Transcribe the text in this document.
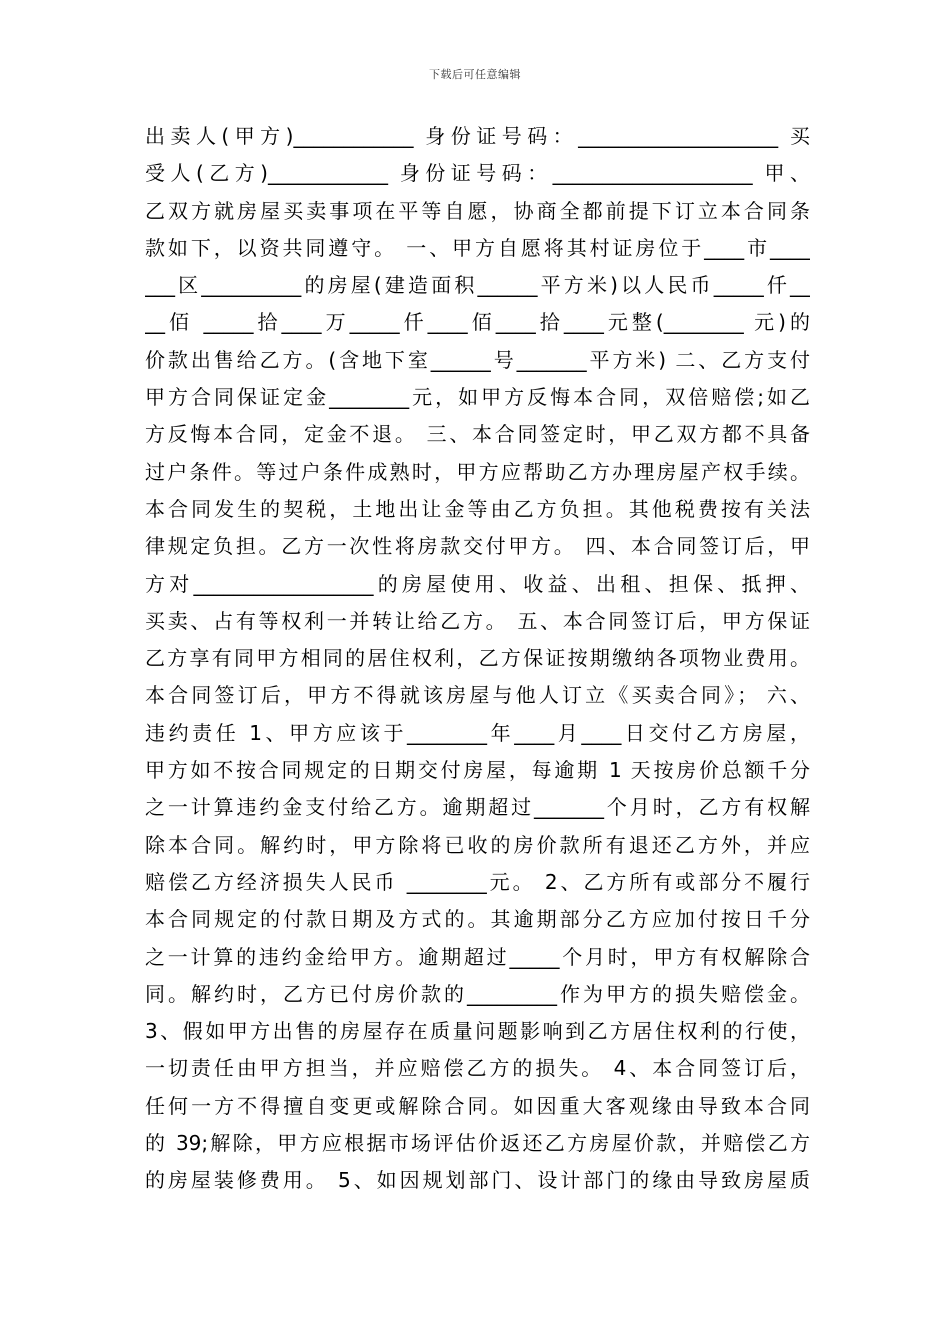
下载后可任意编辑
出卖人(甲方)____________ 身份证号码：____________________ 买
受人(乙方)____________ 身份证号码：____________________ 甲、
乙双方就房屋买卖事项在平等自愿，协商全都前提下订立本合同条
款如下，以资共同遵守。 一、甲方自愿将其村证房位于____市____
___区__________的房屋(建造面积______平方米)以人民币_____仟__
__佰 _____拾____万_____仟____佰____拾____元整(________ 元)的
价款出售给乙方。(含地下室______号_______平方米) 二、乙方支付
甲方合同保证定金________元，如甲方反悔本合同，双倍赔偿;如乙
方反悔本合同，定金不退。 三、本合同签定时，甲乙双方都不具备
过户条件。等过户条件成熟时，甲方应帮助乙方办理房屋产权手续。
本合同发生的契税，土地出让金等由乙方负担。其他税费按有关法
律规定负担。乙方一次性将房款交付甲方。 四、本合同签订后，甲
方对__________________的房屋使用、收益、出租、担保、抵押、
买卖、占有等权利一并转让给乙方。 五、本合同签订后，甲方保证
乙方享有同甲方相同的居住权利，乙方保证按期缴纳各项物业费用。
本合同签订后，甲方不得就该房屋与他人订立《买卖合同》； 六、
违约责任 1、甲方应该于________年____月____日交付乙方房屋，
甲方如不按合同规定的日期交付房屋，每逾期 1 天按房价总额千分
之一计算违约金支付给乙方。逾期超过_______个月时，乙方有权解
除本合同。解约时，甲方除将已收的房价款所有退还乙方外，并应
赔偿乙方经济损失人民币 ________元。 2、乙方所有或部分不履行
本合同规定的付款日期及方式的。其逾期部分乙方应加付按日千分
之一计算的违约金给甲方。逾期超过_____个月时，甲方有权解除合
同。解约时，乙方已付房价款的_________作为甲方的损失赔偿金。
3、假如甲方出售的房屋存在质量问题影响到乙方居住权利的行使，
一切责任由甲方担当，并应赔偿乙方的损失。 4、本合同签订后，
任何一方不得擅自变更或解除合同。如因重大客观缘由导致本合同
的 39;解除，甲方应根据市场评估价返还乙方房屋价款，并赔偿乙方
的房屋装修费用。 5、如因规划部门、设计部门的缘由导致房屋质
